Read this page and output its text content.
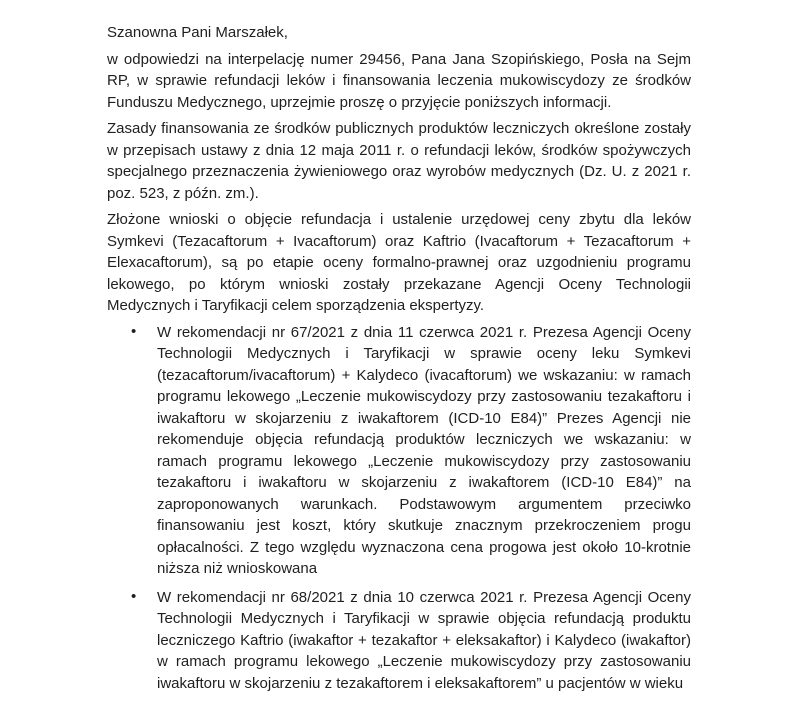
Szanowna Pani Marszałek,

w odpowiedzi na interpelację numer 29456, Pana Jana Szopińskiego, Posła na Sejm RP, w sprawie refundacji leków i finansowania leczenia mukowiscydozy ze środków Funduszu Medycznego, uprzejmie proszę o przyjęcie poniższych informacji.

Zasady finansowania ze środków publicznych produktów leczniczych określone zostały w przepisach ustawy z dnia 12 maja 2011 r. o refundacji leków, środków spożywczych specjalnego przeznaczenia żywieniowego oraz wyrobów medycznych (Dz. U. z 2021 r. poz. 523, z późn. zm.).

Złożone wnioski o objęcie refundacja i ustalenie urzędowej ceny zbytu dla leków Symkevi (Tezacaftorum + Ivacaftorum) oraz Kaftrio (Ivacaftorum + Tezacaftorum + Elexacaftorum), są po etapie oceny formalno-prawnej oraz uzgodnieniu programu lekowego, po którym wnioski zostały przekazane Agencji Oceny Technologii Medycznych i Taryfikacji celem sporządzenia ekspertyzy.

• W rekomendacji nr 67/2021 z dnia 11 czerwca 2021 r. Prezesa Agencji Oceny Technologii Medycznych i Taryfikacji w sprawie oceny leku Symkevi (tezacaftorum/ivacaftorum) + Kalydeco (ivacaftorum) we wskazaniu: w ramach programu lekowego „Leczenie mukowiscydozy przy zastosowaniu tezakaftoru i iwakaftoru w skojarzeniu z iwakaftorem (ICD-10 E84)” Prezes Agencji nie rekomenduje objęcia refundacją produktów leczniczych we wskazaniu: w ramach programu lekowego „Leczenie mukowiscydozy przy zastosowaniu tezakaftoru i iwakaftoru w skojarzeniu z iwakaftorem (ICD-10 E84)” na zaproponowanych warunkach. Podstawowym argumentem przeciwko finansowaniu jest koszt, który skutkuje znacznym przekroczeniem progu opłacalności. Z tego względu wyznaczona cena progowa jest około 10-krotnie niższa niż wnioskowana
• W rekomendacji nr 68/2021 z dnia 10 czerwca 2021 r. Prezesa Agencji Oceny Technologii Medycznych i Taryfikacji w sprawie objęcia refundacją produktu leczniczego Kaftrio (iwakaftor + tezakaftor + eleksakaftor) i Kalydeco (iwakaftor) w ramach programu lekowego „Leczenie mukowiscydozy przy zastosowaniu iwakaftoru w skojarzeniu z tezakaftorem i eleksakaftorem” u pacjentów w wieku
